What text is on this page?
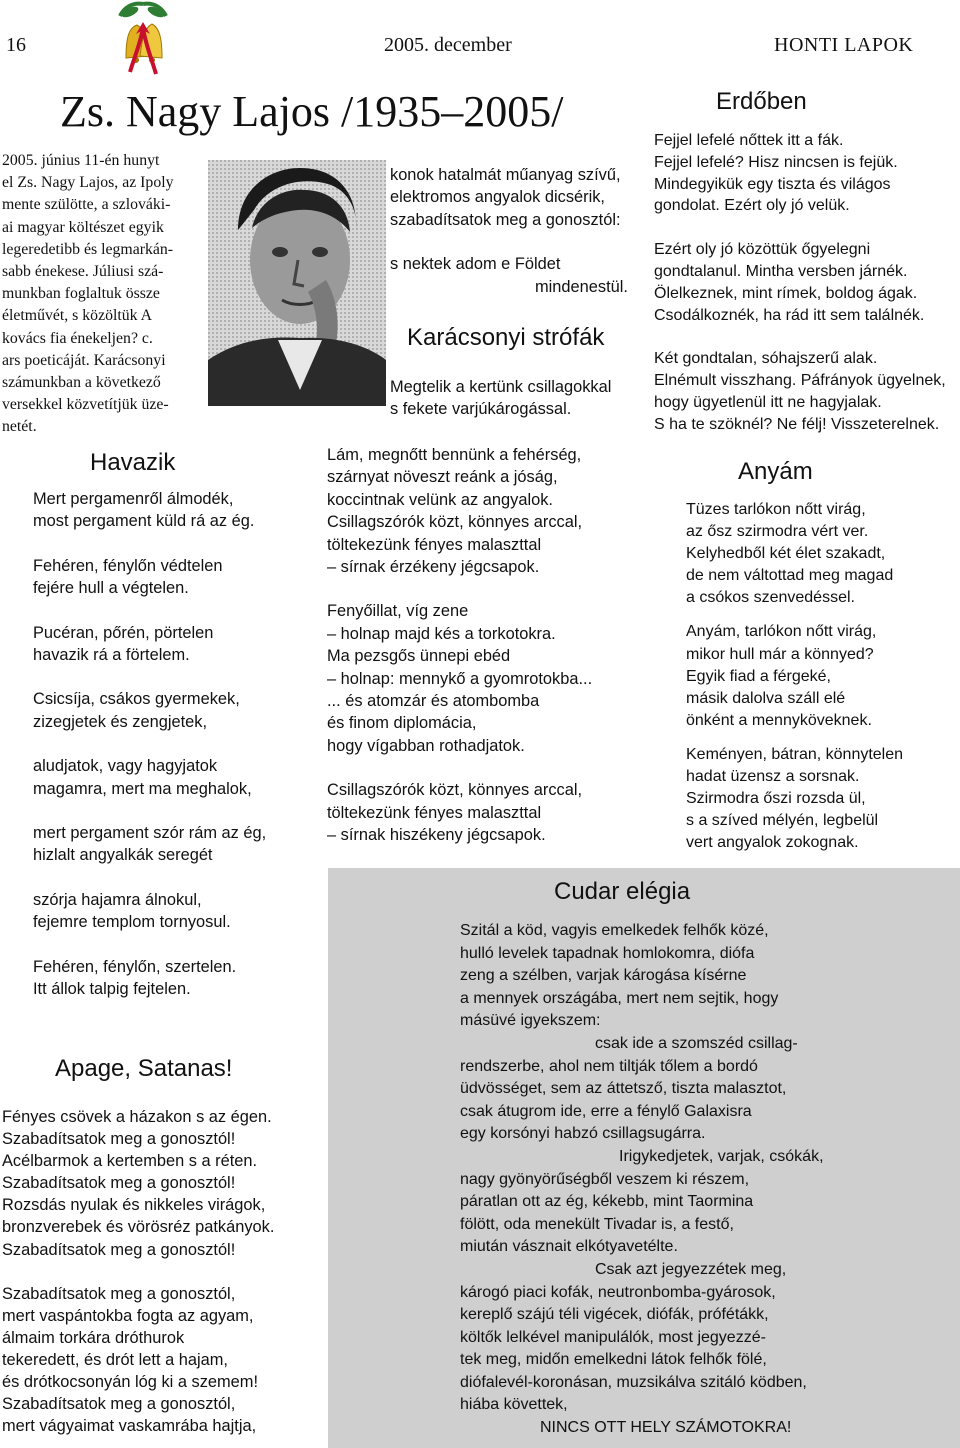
16	2005. december	HONTI LAPOK
Zs. Nagy Lajos /1935–2005/
2005. június 11-én hunyt
el Zs. Nagy Lajos, az Ipoly
mente szülötte, a szlováki-
ai magyar költészet egyik
legeredetibb és legmarkán-
sabb énekese. Júliusi szá-
munkban foglaltuk össze
életművét, s közöltük A
kovács fia énekeljen? c.
ars poeticáját. Karácsonyi
számunkban a következő
versekkel közvetítjük üze-
netét.
Havazik
Mert pergamenről álmodék,
most pergament küld rá az ég.
Fehéren, fénylőn védtelen
fejére hull a végtelen.
Pucéran, pőrén, pörtelen
havazik rá a förtelem.
Csicsíja, csákos gyermekek,
zizegjetek és zengjetek,
aludjatok, vagy hagyjatok
magamra, mert ma meghalok,
mert pergament szór rám az ég,
hizlalt angyalkák seregét
szórja hajamra álnokul,
fejemre templom tornyosul.
Fehéren, fénylőn, szertelen.
Itt állok talpig fejtelen.
Apage, Satanas!
Fényes csövek a házakon s az égen.
Szabadítsatok meg a gonosztól!
Acélbarmok a kertemben s a réten.
Szabadítsatok meg a gonosztól!
Rozsdás nyulak és nikkeles virágok,
bronzverebek és vörösréz patkányok.
Szabadítsatok meg a gonosztól!
Szabadítsatok meg a gonosztól,
mert vaspántokba fogta az agyam,
álmaim torkára dróthurok
tekeredett, és drót lett a hajam,
és drótkocsonyán lóg ki a szemem!
Szabadítsatok meg a gonosztól,
mert vágyaimat vaskamrába hajtja,
konok hatalmát műanyag szívű,
elektromos angyalok dicsérik,
szabadítsatok meg a gonosztól:
s nektek adom e Földet
mindenestül.
Karácsonyi strófák
Megtelik a kertünk csillagokkal
s fekete varjúkárogással.
Lám, megnőtt bennünk a fehérség,
szárnyat növeszt reánk a jóság,
koccintnak velünk az angyalok.
Csillagszórók közt, könnyes arccal,
töltekezünk fényes malaszttal
– sírnak érzékeny jégcsapok.
Fenyőillat, víg zene
– holnap majd kés a torkotokra.
Ma pezsgős ünnepi ebéd
– holnap: mennykő a gyomrotokba...
... és atomzár és atombomba
és finom diplomácia,
hogy vígabban rothadjatok.
Csillagszórók közt, könnyes arccal,
töltekezünk fényes malaszttal
– sírnak hiszékeny jégcsapok.
Erdőben
Fejjel lefelé nőttek itt a fák.
Fejjel lefelé? Hisz nincsen is fejük.
Mindegyikük egy tiszta és világos
gondolat. Ezért oly jó velük.
Ezért oly jó közöttük őgyelegni
gondtalanul. Mintha versben járnék.
Ölelkeznek, mint rímek, boldog ágak.
Csodálkoznék, ha rád itt sem találnék.
Két gondtalan, sóhajszerű alak.
Elnémult visszhang. Páfrányok ügyelnek,
hogy ügyetlenül itt ne hagyjalak.
S ha te szöknél? Ne félj! Visszeterelnek.
Anyám
Tüzes tarlókon nőtt virág,
az ősz szirmodra vért ver.
Kelyhedből két élet szakadt,
de nem váltottad meg magad
a csókos szenvedéssel.
Anyám, tarlókon nőtt virág,
mikor hull már a könnyed?
Egyik fiad a férgeké,
másik dalolva száll elé
önként a mennyköveknek.
Keményen, bátran, könnytelen
hadat üzensz a sorsnak.
Szirmodra őszi rozsda ül,
s a szíved mélyén, legbelül
vert angyalok zokognak.
Cudar elégia
Szitál a köd, vagyis emelkedek felhők közé,
hulló levelek tapadnak homlokomra, diófa
zeng a szélben, varjak károgása kísérne
a mennyek országába, mert nem sejtik, hogy
másüvé igyekszem:
csak ide a szomszéd csillag-
rendszerbe, ahol nem tiltják tőlem a bordó
üdvösséget, sem az áttetsző, tiszta malasztot,
csak átugrom ide, erre a fénylő Galaxisra
egy korsónyi habzó csillagsugárra.
Irigykedjetek, varjak, csókák,
nagy gyönyörűségből veszem ki részem,
páratlan ott az ég, kékebb, mint Taormina
fölött, oda menekült Tivadar is, a festő,
miután vásznait elkótyavetélte.
Csak azt jegyezzétek meg,
károgó piaci kofák, neutronbomba-gyárosok,
kereplő szájú téli vigécek, diófák, prófétákk,
költők lelkével manipulálók, most jegyezzé-
tek meg, midőn emelkedni látok felhők fölé,
diófalevél-koronásan, muzsikálva szitáló ködben,
hiába követtek,
NINCS OTT HELY SZÁMOTOKRA!
